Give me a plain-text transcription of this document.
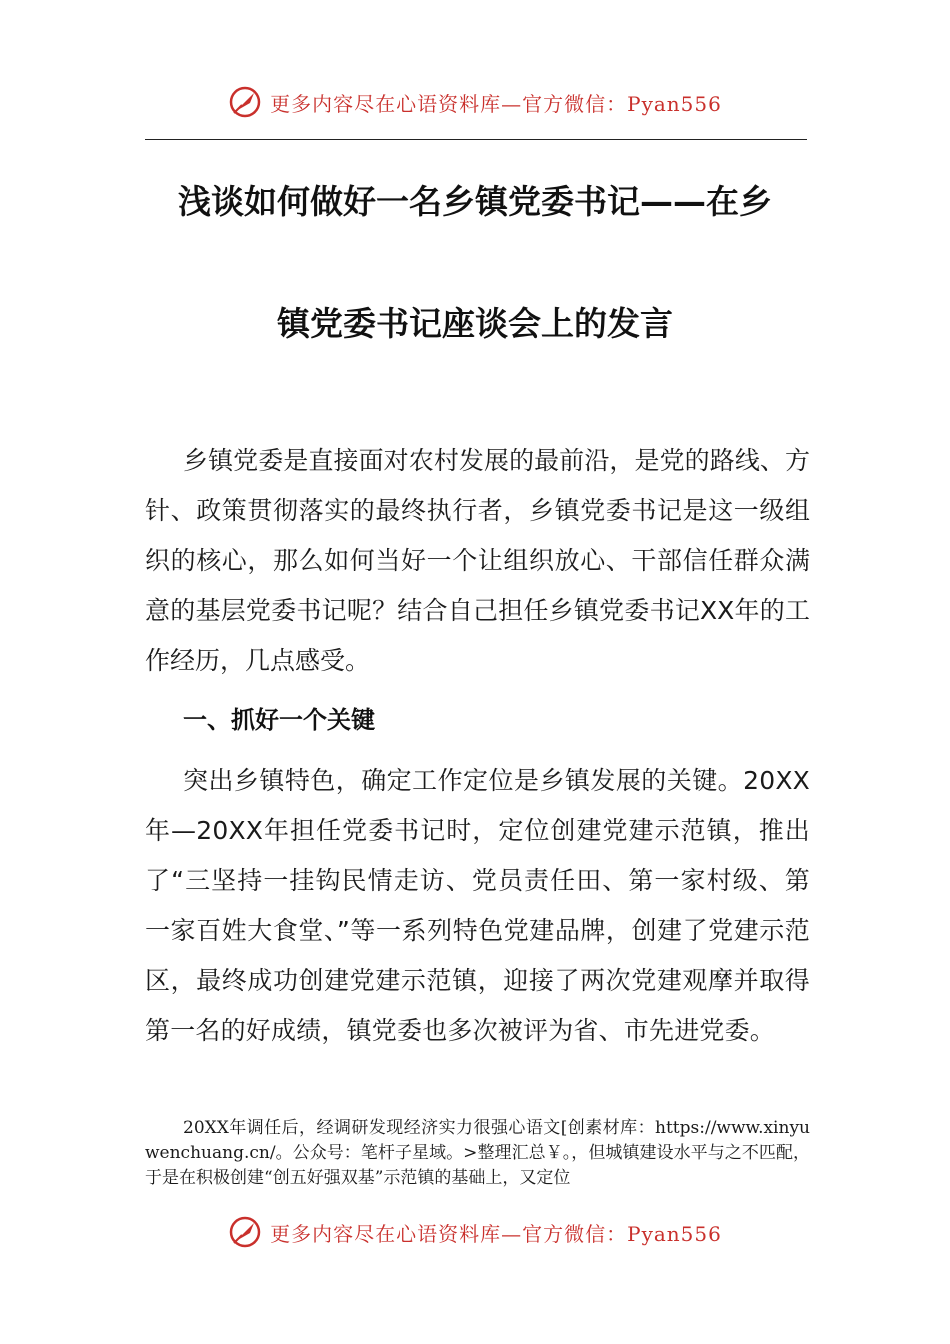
更多内容尽在心语资料库—官方微信：Pyan556
浅谈如何做好一名乡镇党委书记——在乡
镇党委书记座谈会上的发言

乡镇党委是直接面对农村发展的最前沿，是党的路线、方针、政策贯彻落实的最终执行者，乡镇党委书记是这一级组织的核心，那么如何当好一个让组织放心、干部信任群众满意的基层党委书记呢？结合自己担任乡镇党委书记XX年的工作经历，几点感受。

一、抓好一个关键

突出乡镇特色，确定工作定位是乡镇发展的关键。20XX年—20XX年担任党委书记时，定位创建党建示范镇，推出了“三坚持一挂钩民情走访、党员责任田、第一家村级、第一家百姓大食堂、”等一系列特色党建品牌，创建了党建示范区，最终成功创建党建示范镇，迎接了两次党建观摩并取得第一名的好成绩，镇党委也多次被评为省、市先进党委。

20XX年调任后，经调研发现经济实力很强心语文[创素材库：https://www.xinyuwenchuang.cn/。公众号：笔杆子星域。>整理汇总￥。，但城镇建设水平与之不匹配，于是在积极创建“创五好强双基”示范镇的基础上，又定位

更多内容尽在心语资料库—官方微信：Pyan556
